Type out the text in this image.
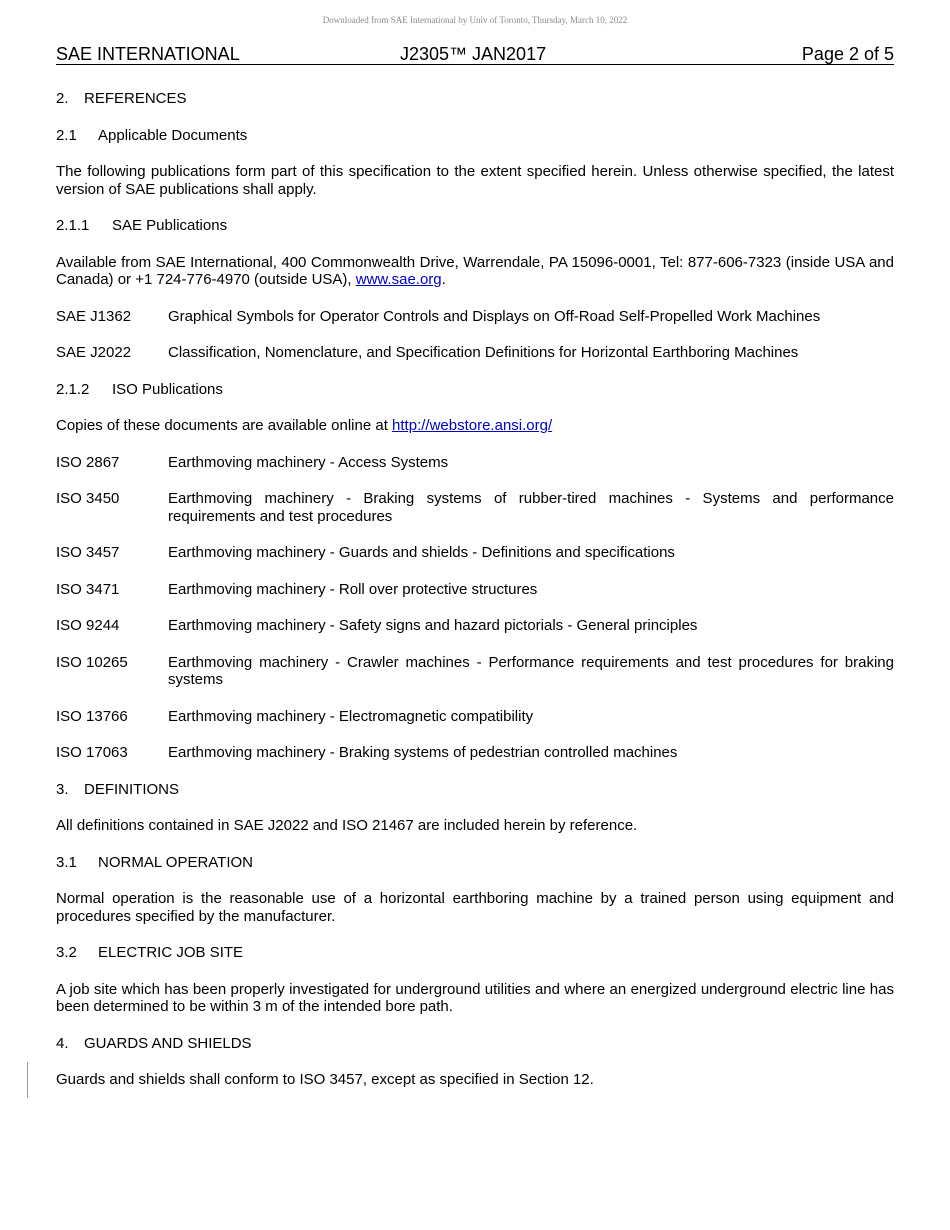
Downloaded from SAE International by Univ of Toronto, Thursday, March 10, 2022
SAE INTERNATIONAL	J2305™ JAN2017	Page 2 of 5
2. REFERENCES
2.1 Applicable Documents
The following publications form part of this specification to the extent specified herein. Unless otherwise specified, the latest version of SAE publications shall apply.
2.1.1 SAE Publications
Available from SAE International, 400 Commonwealth Drive, Warrendale, PA 15096-0001, Tel: 877-606-7323 (inside USA and Canada) or +1 724-776-4970 (outside USA), www.sae.org.
SAE J1362	Graphical Symbols for Operator Controls and Displays on Off-Road Self-Propelled Work Machines
SAE J2022	Classification, Nomenclature, and Specification Definitions for Horizontal Earthboring Machines
2.1.2 ISO Publications
Copies of these documents are available online at http://webstore.ansi.org/
ISO 2867	Earthmoving machinery - Access Systems
ISO 3450	Earthmoving machinery - Braking systems of rubber-tired machines - Systems and performance requirements and test procedures
ISO 3457	Earthmoving machinery - Guards and shields - Definitions and specifications
ISO 3471	Earthmoving machinery - Roll over protective structures
ISO 9244	Earthmoving machinery - Safety signs and hazard pictorials - General principles
ISO 10265	Earthmoving machinery - Crawler machines - Performance requirements and test procedures for braking systems
ISO 13766	Earthmoving machinery - Electromagnetic compatibility
ISO 17063	Earthmoving machinery - Braking systems of pedestrian controlled machines
3. DEFINITIONS
All definitions contained in SAE J2022 and ISO 21467 are included herein by reference.
3.1 NORMAL OPERATION
Normal operation is the reasonable use of a horizontal earthboring machine by a trained person using equipment and procedures specified by the manufacturer.
3.2 ELECTRIC JOB SITE
A job site which has been properly investigated for underground utilities and where an energized underground electric line has been determined to be within 3 m of the intended bore path.
4. GUARDS AND SHIELDS
Guards and shields shall conform to ISO 3457, except as specified in Section 12.
